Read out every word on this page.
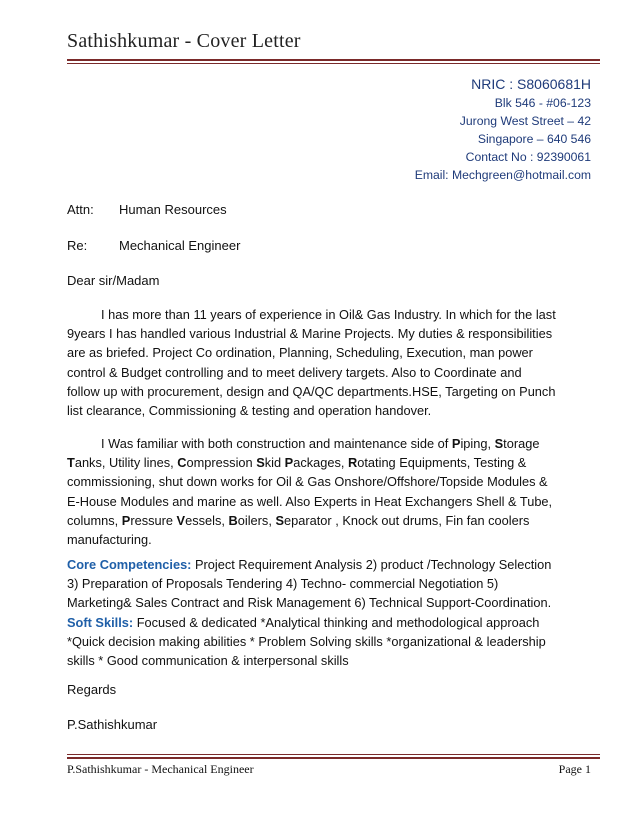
Sathishkumar - Cover Letter
NRIC : S8060681H
Blk 546 - #06-123
Jurong West Street – 42
Singapore – 640 546
Contact No : 92390061
Email: Mechgreen@hotmail.com
Attn: Human Resources
Re: Mechanical Engineer
Dear sir/Madam
I has more than 11 years of experience in Oil& Gas Industry. In which for the last
9years I has handled various Industrial & Marine Projects. My duties & responsibilities
are as briefed. Project Co ordination, Planning, Scheduling, Execution, man power
control & Budget controlling and to meet delivery targets. Also to Coordinate and
follow up with procurement, design and QA/QC departments.HSE, Targeting on Punch
list clearance, Commissioning & testing and operation handover.
I Was familiar with both construction and maintenance side of Piping, Storage
Tanks, Utility lines, Compression Skid Packages, Rotating Equipments, Testing &
commissioning, shut down works for Oil & Gas Onshore/Offshore/Topside Modules &
E-House Modules and marine as well. Also Experts in Heat Exchangers Shell & Tube,
columns, Pressure Vessels, Boilers, Separator , Knock out drums, Fin fan coolers
manufacturing.
Core Competencies: Project Requirement Analysis 2) product /Technology Selection
3) Preparation of Proposals Tendering 4) Techno- commercial Negotiation 5)
Marketing& Sales Contract and Risk Management 6) Technical Support-Coordination.
Soft Skills: Focused & dedicated *Analytical thinking and methodological approach
*Quick decision making abilities * Problem Solving skills *organizational & leadership
skills * Good communication & interpersonal skills
Regards
P.Sathishkumar
P.Sathishkumar - Mechanical Engineer	Page 1
